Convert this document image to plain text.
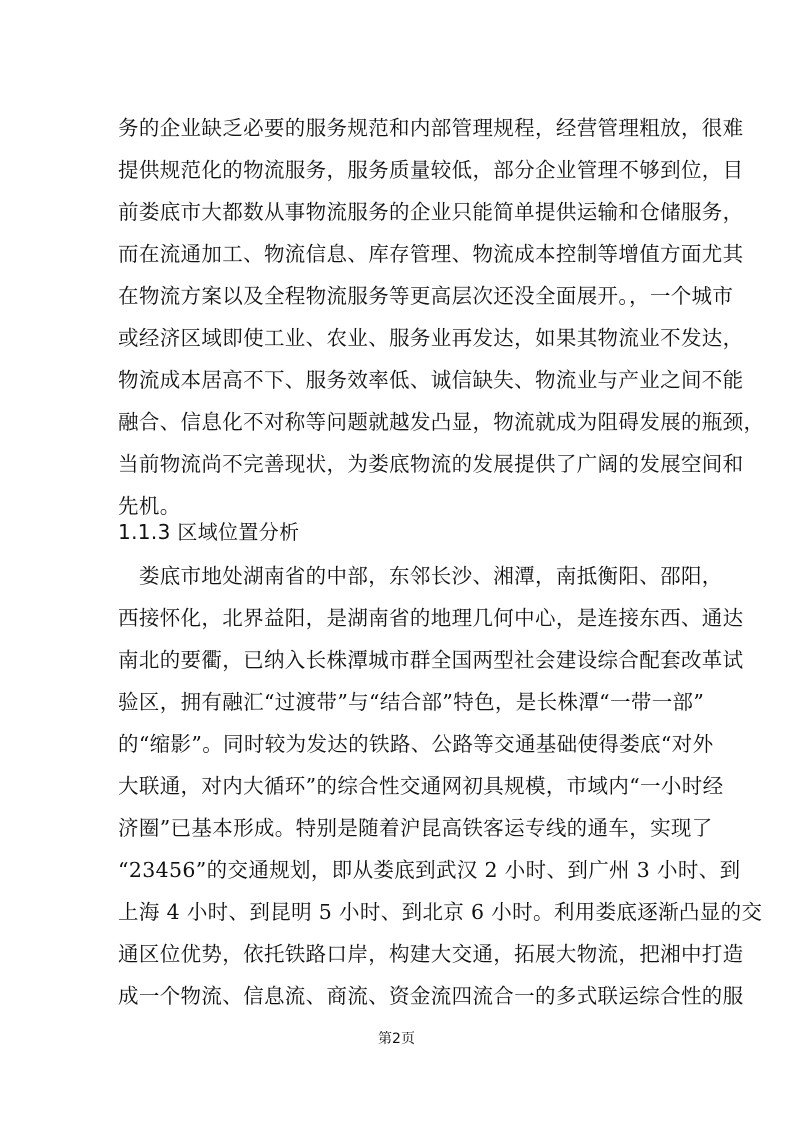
务的企业缺乏必要的服务规范和内部管理规程，经营管理粗放，很难
提供规范化的物流服务，服务质量较低，部分企业管理不够到位，目
前娄底市大都数从事物流服务的企业只能简单提供运输和仓储服务，
而在流通加工、物流信息、库存管理、物流成本控制等增值方面尤其
在物流方案以及全程物流服务等更高层次还没全面展开。，一个城市
或经济区域即使工业、农业、服务业再发达，如果其物流业不发达，
物流成本居高不下、服务效率低、诚信缺失、物流业与产业之间不能
融合、信息化不对称等问题就越发凸显，物流就成为阻碍发展的瓶颈，
当前物流尚不完善现状，为娄底物流的发展提供了广阔的发展空间和
先机。
1.1.3 区域位置分析
　娄底市地处湖南省的中部，东邻长沙、湘潭，南抵衡阳、邵阳，
西接怀化，北界益阳，是湖南省的地理几何中心，是连接东西、通达
南北的要衢，已纳入长株潭城市群全国两型社会建设综合配套改革试
验区，拥有融汇“过渡带”与“结合部”特色，是长株潭“一带一部”
的“缩影”。同时较为发达的铁路、公路等交通基础使得娄底“对外
大联通，对内大循环”的综合性交通网初具规模，市域内“一小时经
济圈”已基本形成。特别是随着沪昆高铁客运专线的通车，实现了
“23456”的交通规划，即从娄底到武汉 2 小时、到广州 3 小时、到
上海 4 小时、到昆明 5 小时、到北京 6 小时。利用娄底逐渐凸显的交
通区位优势，依托铁路口岸，构建大交通，拓展大物流，把湘中打造
成一个物流、信息流、商流、资金流四流合一的多式联运综合性的服
第2页
